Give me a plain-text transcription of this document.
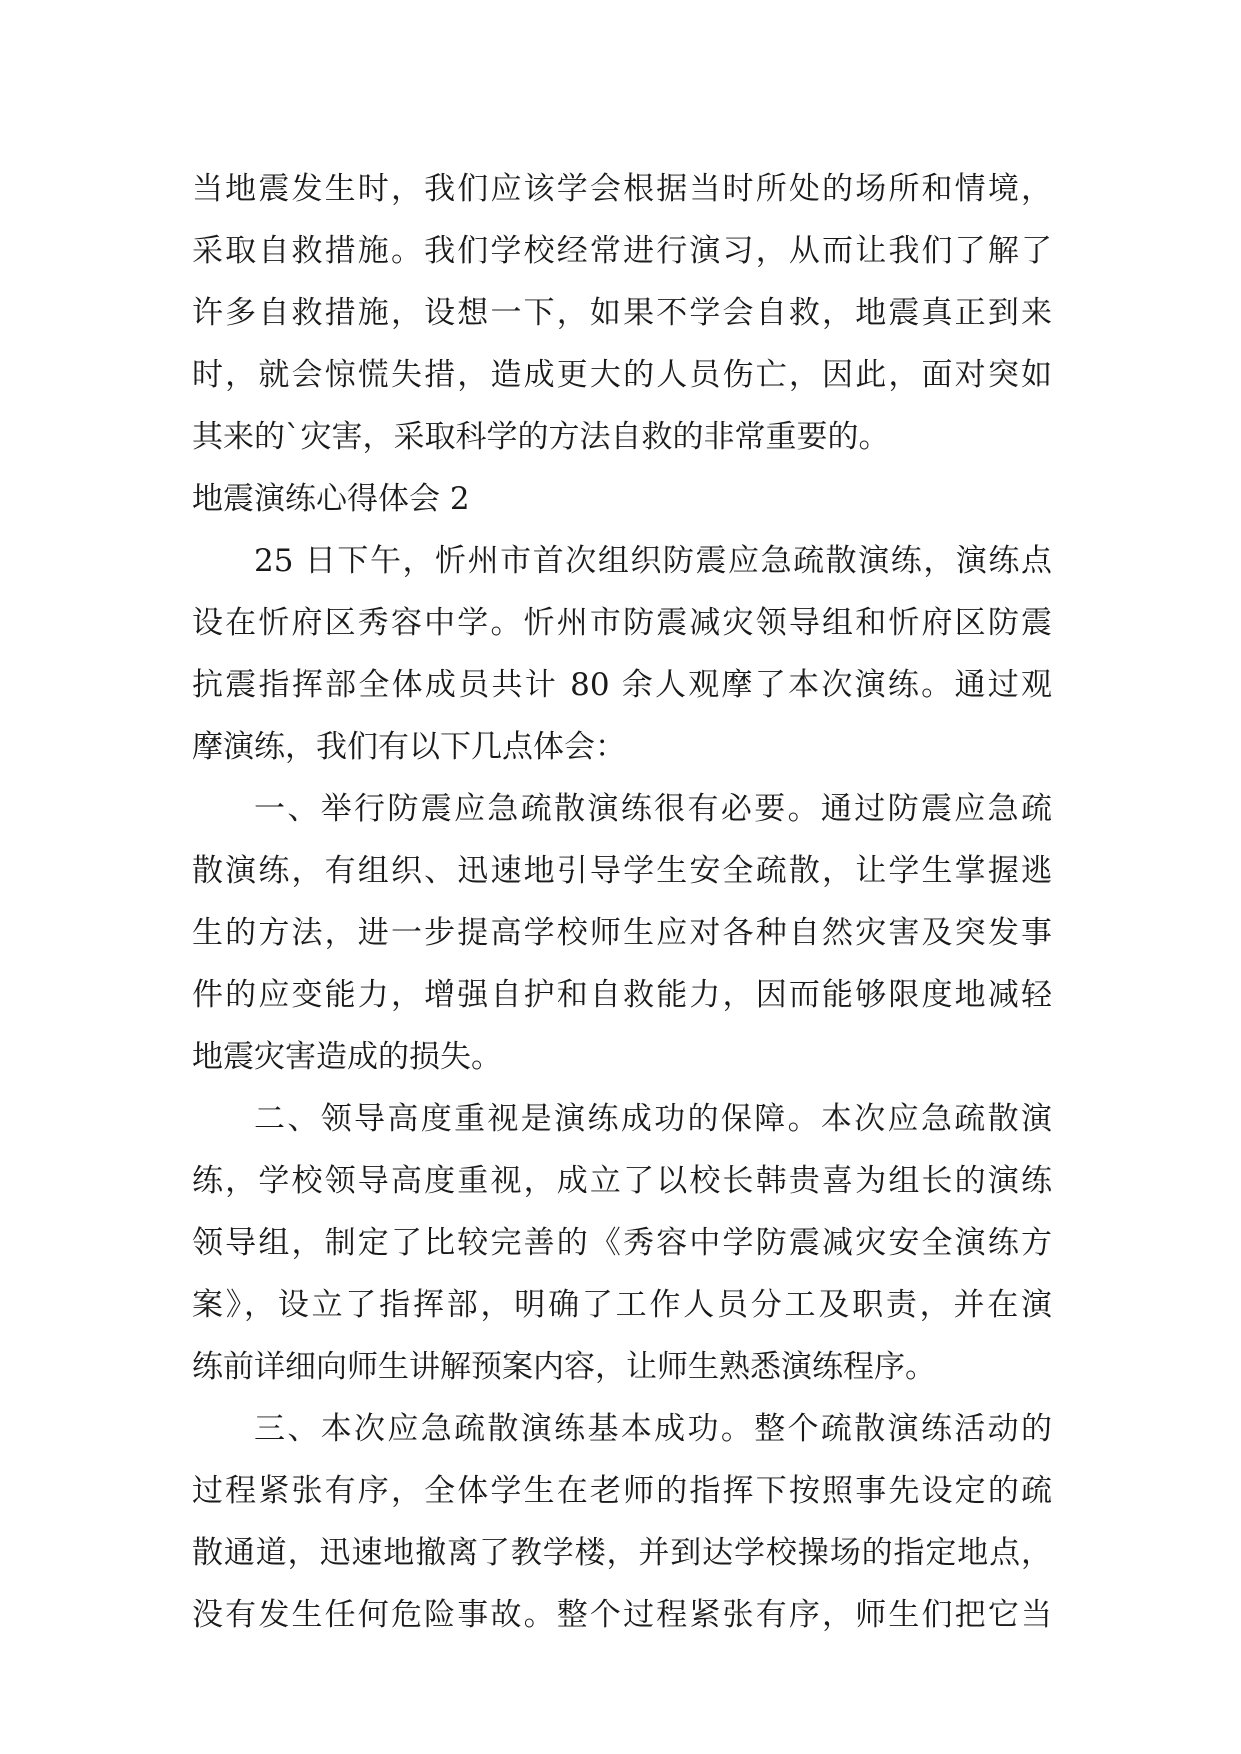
当地震发生时，我们应该学会根据当时所处的场所和情境，
采取自救措施。我们学校经常进行演习，从而让我们了解了
许多自救措施，设想一下，如果不学会自救，地震真正到来
时，就会惊慌失措，造成更大的人员伤亡，因此，面对突如
其来的`灾害，采取科学的方法自救的非常重要的。
地震演练心得体会 2
25 日下午，忻州市首次组织防震应急疏散演练，演练点
设在忻府区秀容中学。忻州市防震减灾领导组和忻府区防震
抗震指挥部全体成员共计 80 余人观摩了本次演练。通过观
摩演练，我们有以下几点体会：
一、举行防震应急疏散演练很有必要。通过防震应急疏
散演练，有组织、迅速地引导学生安全疏散，让学生掌握逃
生的方法，进一步提高学校师生应对各种自然灾害及突发事
件的应变能力，增强自护和自救能力，因而能够限度地减轻
地震灾害造成的损失。
二、领导高度重视是演练成功的保障。本次应急疏散演
练，学校领导高度重视，成立了以校长韩贵喜为组长的演练
领导组，制定了比较完善的《秀容中学防震减灾安全演练方
案》，设立了指挥部，明确了工作人员分工及职责，并在演
练前详细向师生讲解预案内容，让师生熟悉演练程序。
三、本次应急疏散演练基本成功。整个疏散演练活动的
过程紧张有序，全体学生在老师的指挥下按照事先设定的疏
散通道，迅速地撤离了教学楼，并到达学校操场的指定地点，
没有发生任何危险事故。整个过程紧张有序，师生们把它当
